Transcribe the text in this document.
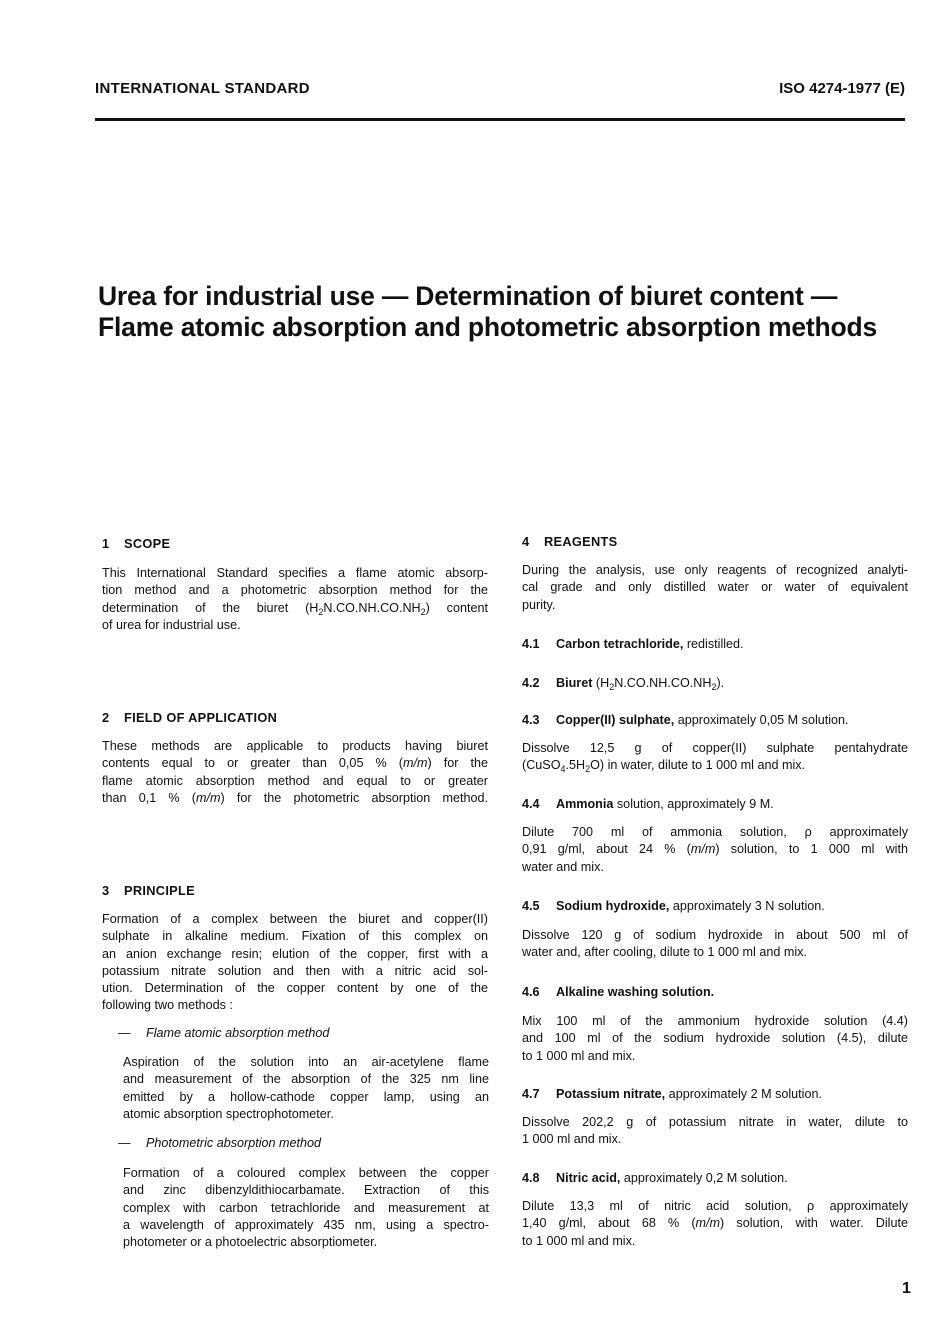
INTERNATIONAL STANDARD	ISO 4274-1977 (E)
Urea for industrial use — Determination of biuret content —
Flame atomic absorption and photometric absorption methods
1 SCOPE
This International Standard specifies a flame atomic absorp-
tion method and a photometric absorption method for the
determination of the biuret $(H_2N.CO.NH.CO.NH_2)$ content
of urea for industrial use.
2 FIELD OF APPLICATION
These methods are applicable to products having biuret
contents equal to or greater than 0,05 % (m/m) for the
flame atomic absorption method and equal to or greater
than 0,1 % (m/m) for the photometric absorption method.
3 PRINCIPLE
Formation of a complex between the biuret and copper(II)
sulphate in alkaline medium. Fixation of this complex on
an anion exchange resin; elution of the copper, first with a
potassium nitrate solution and then with a nitric acid sol-
ution. Determination of the copper content by one of the
following two methods :
— Flame atomic absorption method
Aspiration of the solution into an air-acetylene flame
and measurement of the absorption of the 325 nm line
emitted by a hollow-cathode copper lamp, using an
atomic absorption spectrophotometer.
— Photometric absorption method
Formation of a coloured complex between the copper
and zinc dibenzyldithiocarbamate. Extraction of this
complex with carbon tetrachloride and measurement at
a wavelength of approximately 435 nm, using a spectro-
photometer or a photoelectric absorptiometer.
4 REAGENTS
During the analysis, use only reagents of recognized analyti-
cal grade and only distilled water or water of equivalent
purity.
4.1 Carbon tetrachloride, redistilled.
4.2 Biuret $(H_2N.CO.NH.CO.NH_2)$.
4.3 Copper(II) sulphate, approximately 0,05 M solution.
Dissolve 12,5 g of copper(II) sulphate pentahydrate
$(CuSO_4.5H_2O)$ in water, dilute to 1 000 ml and mix.
4.4 Ammonia solution, approximately 9 M.
Dilute 700 ml of ammonia solution, ρ approximately
0,91 g/ml, about 24 % (m/m) solution, to 1 000 ml with
water and mix.
4.5 Sodium hydroxide, approximately 3 N solution.
Dissolve 120 g of sodium hydroxide in about 500 ml of
water and, after cooling, dilute to 1 000 ml and mix.
4.6 Alkaline washing solution.
Mix 100 ml of the ammonium hydroxide solution (4.4)
and 100 ml of the sodium hydroxide solution (4.5), dilute
to 1 000 ml and mix.
4.7 Potassium nitrate, approximately 2 M solution.
Dissolve 202,2 g of potassium nitrate in water, dilute to
1 000 ml and mix.
4.8 Nitric acid, approximately 0,2 M solution.
Dilute 13,3 ml of nitric acid solution, ρ approximately
1,40 g/ml, about 68 % (m/m) solution, with water. Dilute
to 1 000 ml and mix.
1
